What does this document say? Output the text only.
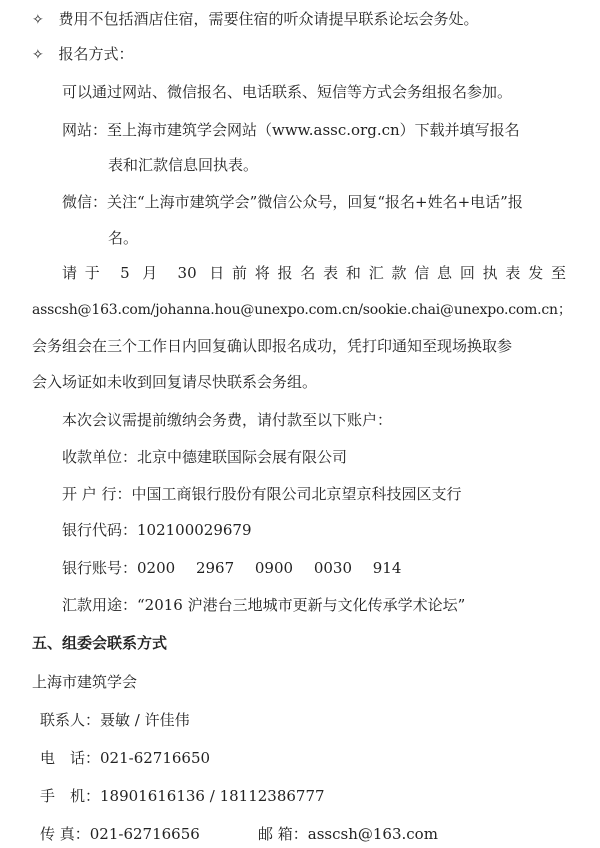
✧ 费用不包括酒店住宿，需要住宿的听众请提早联系论坛会务处。
✧ 报名方式：
可以通过网站、微信报名、电话联系、短信等方式会务组报名参加。
网站：至上海市建筑学会网站（www.assc.org.cn）下载并填写报名
表和汇款信息回执表。
微信：关注“上海市建筑学会”微信公众号，回复“报名+姓名+电话”报
名。
请于 5 月 30 日前将报名表和汇款信息回执表发至
asscsh@163.com/johanna.hou@unexpo.com.cn/sookie.chai@unexpo.com.cn；
会务组会在三个工作日内回复确认即报名成功，凭打印通知至现场换取参
会入场证如未收到回复请尽快联系会务组。
本次会议需提前缴纳会务费，请付款至以下账户：
收款单位：北京中德建联国际会展有限公司
开 户 行：中国工商银行股份有限公司北京望京科技园区支行
银行代码：102100029679
银行账号：0200 2967 0900 0030 914
汇款用途：“2016 沪港台三地城市更新与文化传承学术论坛”
五、组委会联系方式
上海市建筑学会
联系人：聂敏 / 许佳伟
电　话：021-62716650
手　机：18901616136 / 18112386777
传 真：021-62716656	邮 箱：asscsh@163.com
